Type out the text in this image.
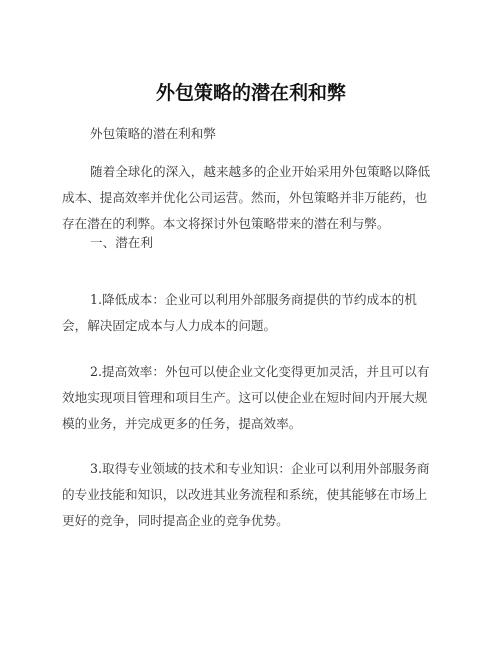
外包策略的潜在利和弊

外包策略的潜在利和弊

随着全球化的深入，越来越多的企业开始采用外包策略以降低成本、提高效率并优化公司运营。然而，外包策略并非万能药，也存在潜在的利弊。本文将探讨外包策略带来的潜在利与弊。

一、潜在利

1.降低成本：企业可以利用外部服务商提供的节约成本的机会，解决固定成本与人力成本的问题。

2.提高效率：外包可以使企业文化变得更加灵活，并且可以有效地实现项目管理和项目生产。这可以使企业在短时间内开展大规模的业务，并完成更多的任务，提高效率。

3.取得专业领域的技术和专业知识：企业可以利用外部服务商的专业技能和知识，以改进其业务流程和系统，使其能够在市场上更好的竞争，同时提高企业的竞争优势。
